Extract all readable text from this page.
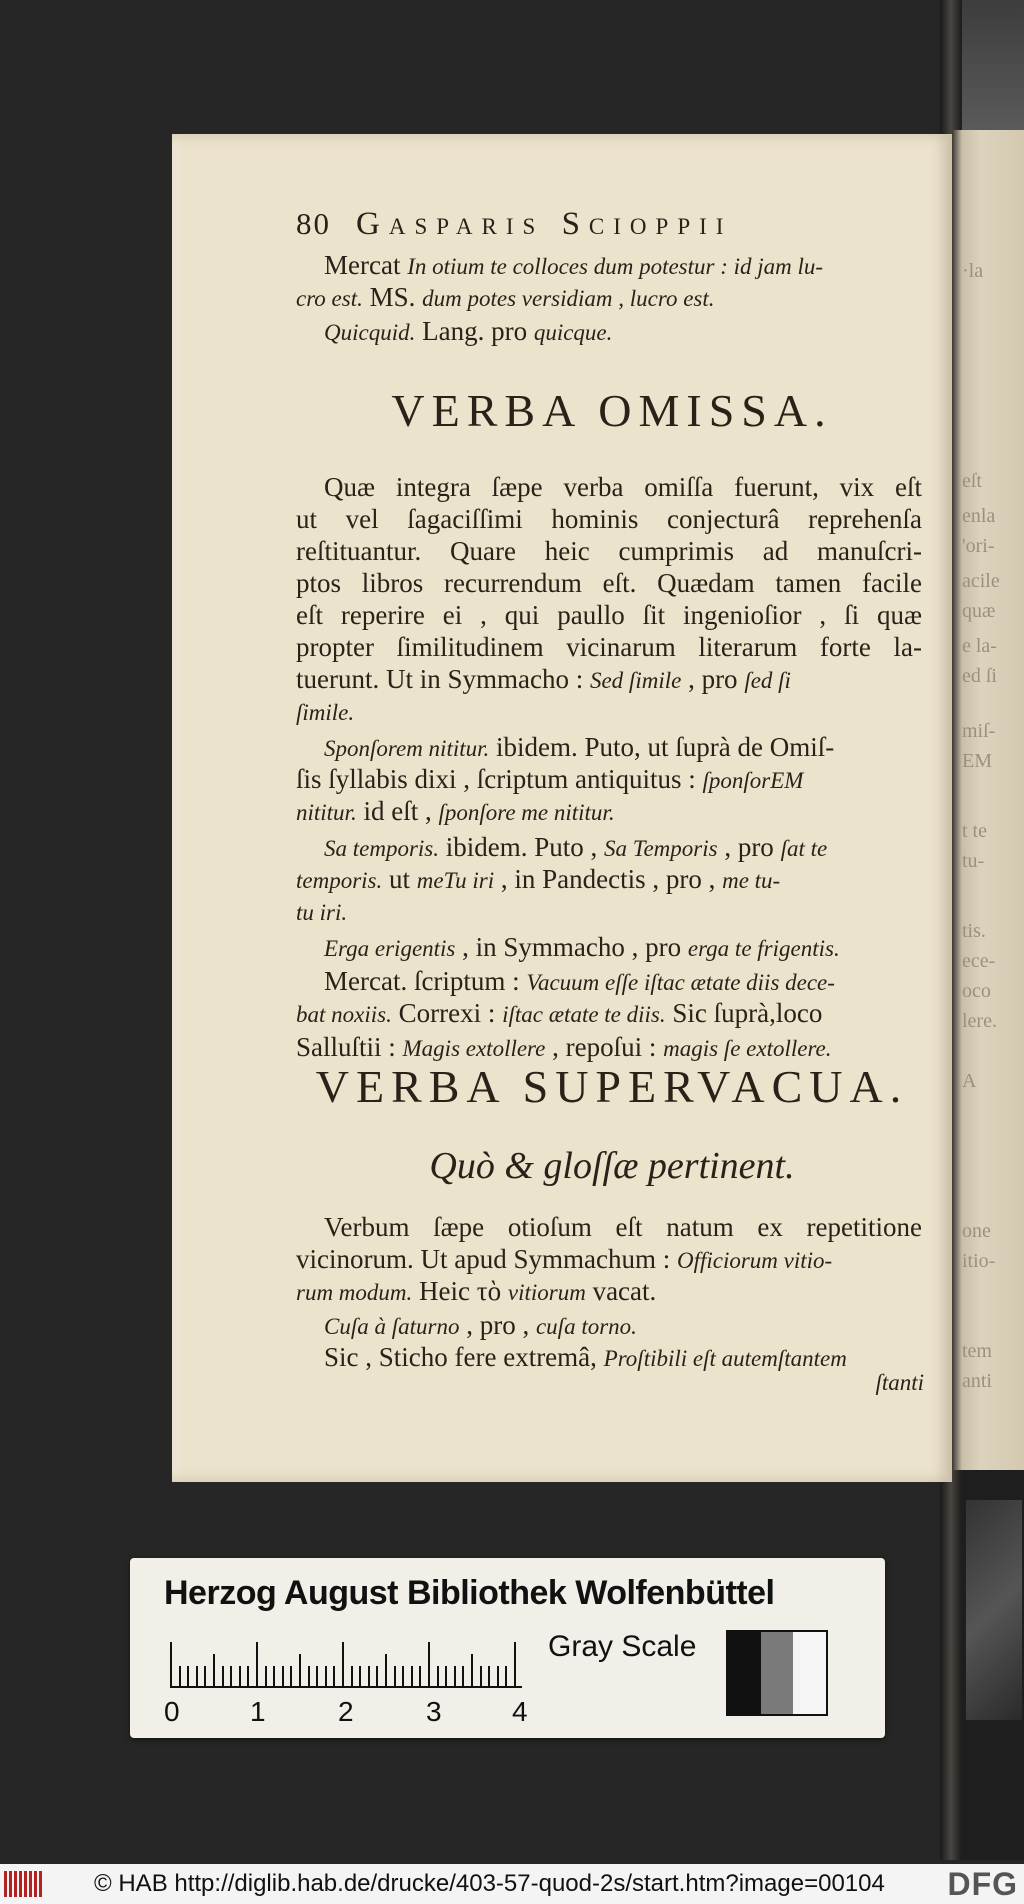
·la
eſt
enla
'ori-
acile
quæ
e la-
ed ſi
miſ-
EM
t te
tu-
tis.
ece-
oco
lere.
A
one
itio-
tem
anti
80 Gasparis Scioppii
Mercat In otium te colloces dum potestur : id jam lu-
cro est. MS. dum potes versidiam , lucro est.
Quicquid. Lang. pro quicque.
VERBA OMISSA.
Quæ integra ſæpe verba omiſſa fuerunt, vix eſt
ut vel ſagaciſſimi hominis conjecturâ reprehenſa
reſtituantur. Quare heic cumprimis ad manuſcri-
ptos libros recurrendum eſt. Quædam tamen facile
eſt reperire ei , qui paullo ſit ingenioſior , ſi quæ
propter ſimilitudinem vicinarum literarum forte la-
tuerunt. Ut in Symmacho : Sed ſimile , pro ſed ſi
ſimile.
Sponſorem nititur. ibidem. Puto, ut ſuprà de Omiſ-
ſis ſyllabis dixi , ſcriptum antiquitus : ſponſorEM
nititur. id eſt , ſponſore me nititur.
Sa temporis. ibidem. Puto , Sa Temporis , pro ſat te
temporis. ut meTu iri , in Pandectis , pro , me tu-
tu iri.
Erga erigentis , in Symmacho , pro erga te frigentis.
Mercat. ſcriptum : Vacuum eſſe iſtac ætate diis dece-
bat noxiis. Correxi : iſtac ætate te diis. Sic ſuprà,loco
Salluſtii : Magis extollere , repoſui : magis ſe extollere.
VERBA SUPERVACUA.
Quò & gloſſæ pertinent.
Verbum ſæpe otioſum eſt natum ex repetitione
vicinorum. Ut apud Symmachum : Officiorum vitio-
rum modum. Heic τὸ vitiorum vacat.
Cuſa à ſaturno , pro , cuſa torno.
Sic , Sticho fere extremâ, Proſtibili eſt autemſtantem
ſtanti
Herzog August Bibliothek Wolfenbüttel
0	1	2	3	4
Gray Scale
© HAB http://diglib.hab.de/drucke/403-57-quod-2s/start.htm?image=00104 DFG
